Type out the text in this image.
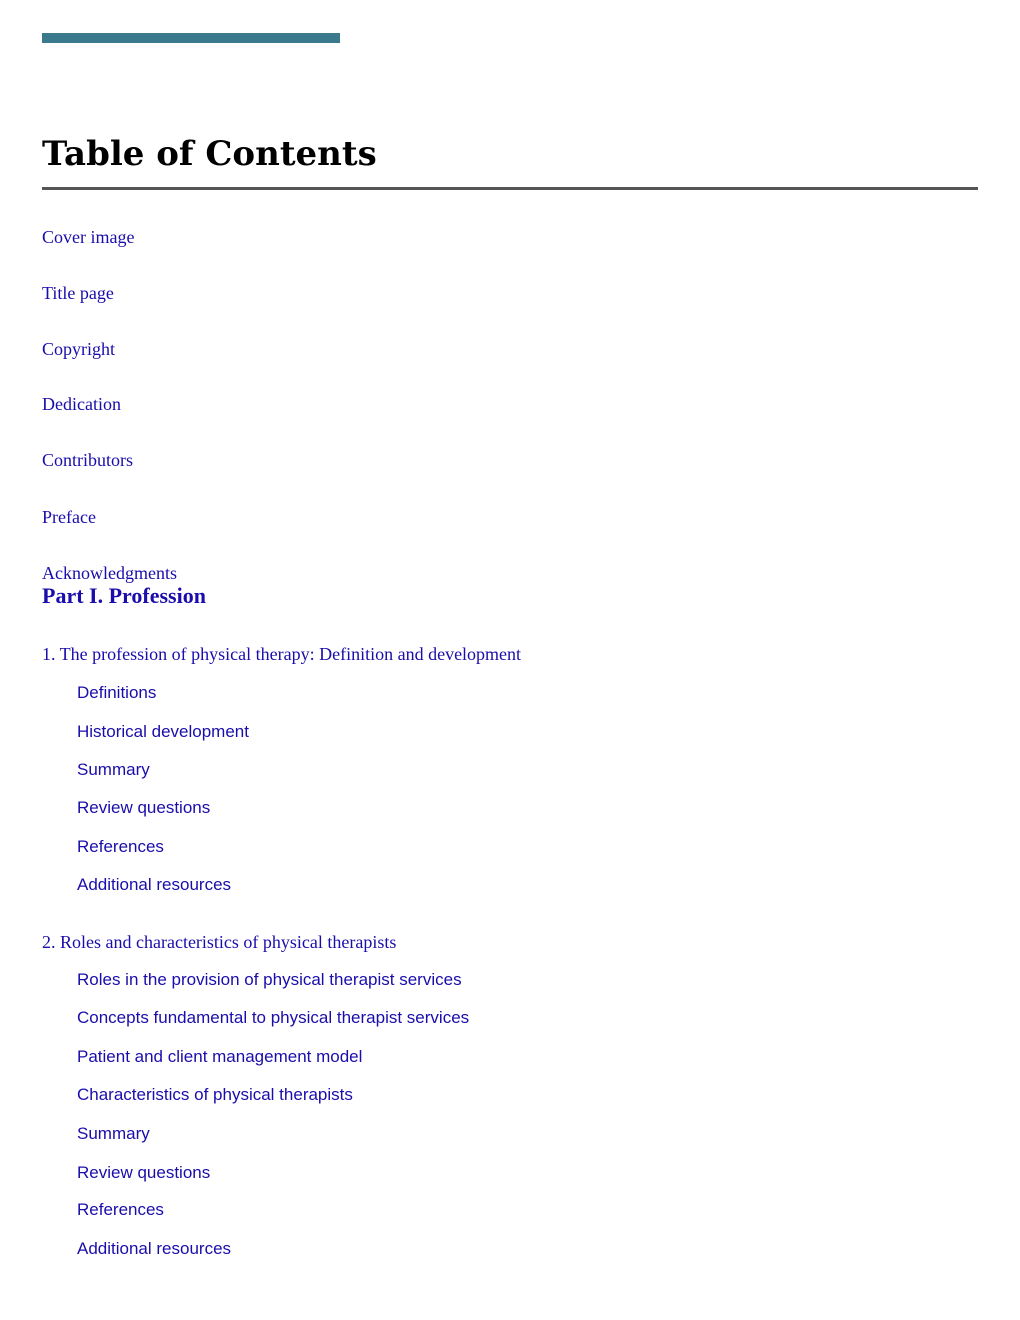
Table of Contents
Cover image
Title page
Copyright
Dedication
Contributors
Preface
Acknowledgments
Part I. Profession
1. The profession of physical therapy: Definition and development
Definitions
Historical development
Summary
Review questions
References
Additional resources
2. Roles and characteristics of physical therapists
Roles in the provision of physical therapist services
Concepts fundamental to physical therapist services
Patient and client management model
Characteristics of physical therapists
Summary
Review questions
References
Additional resources
